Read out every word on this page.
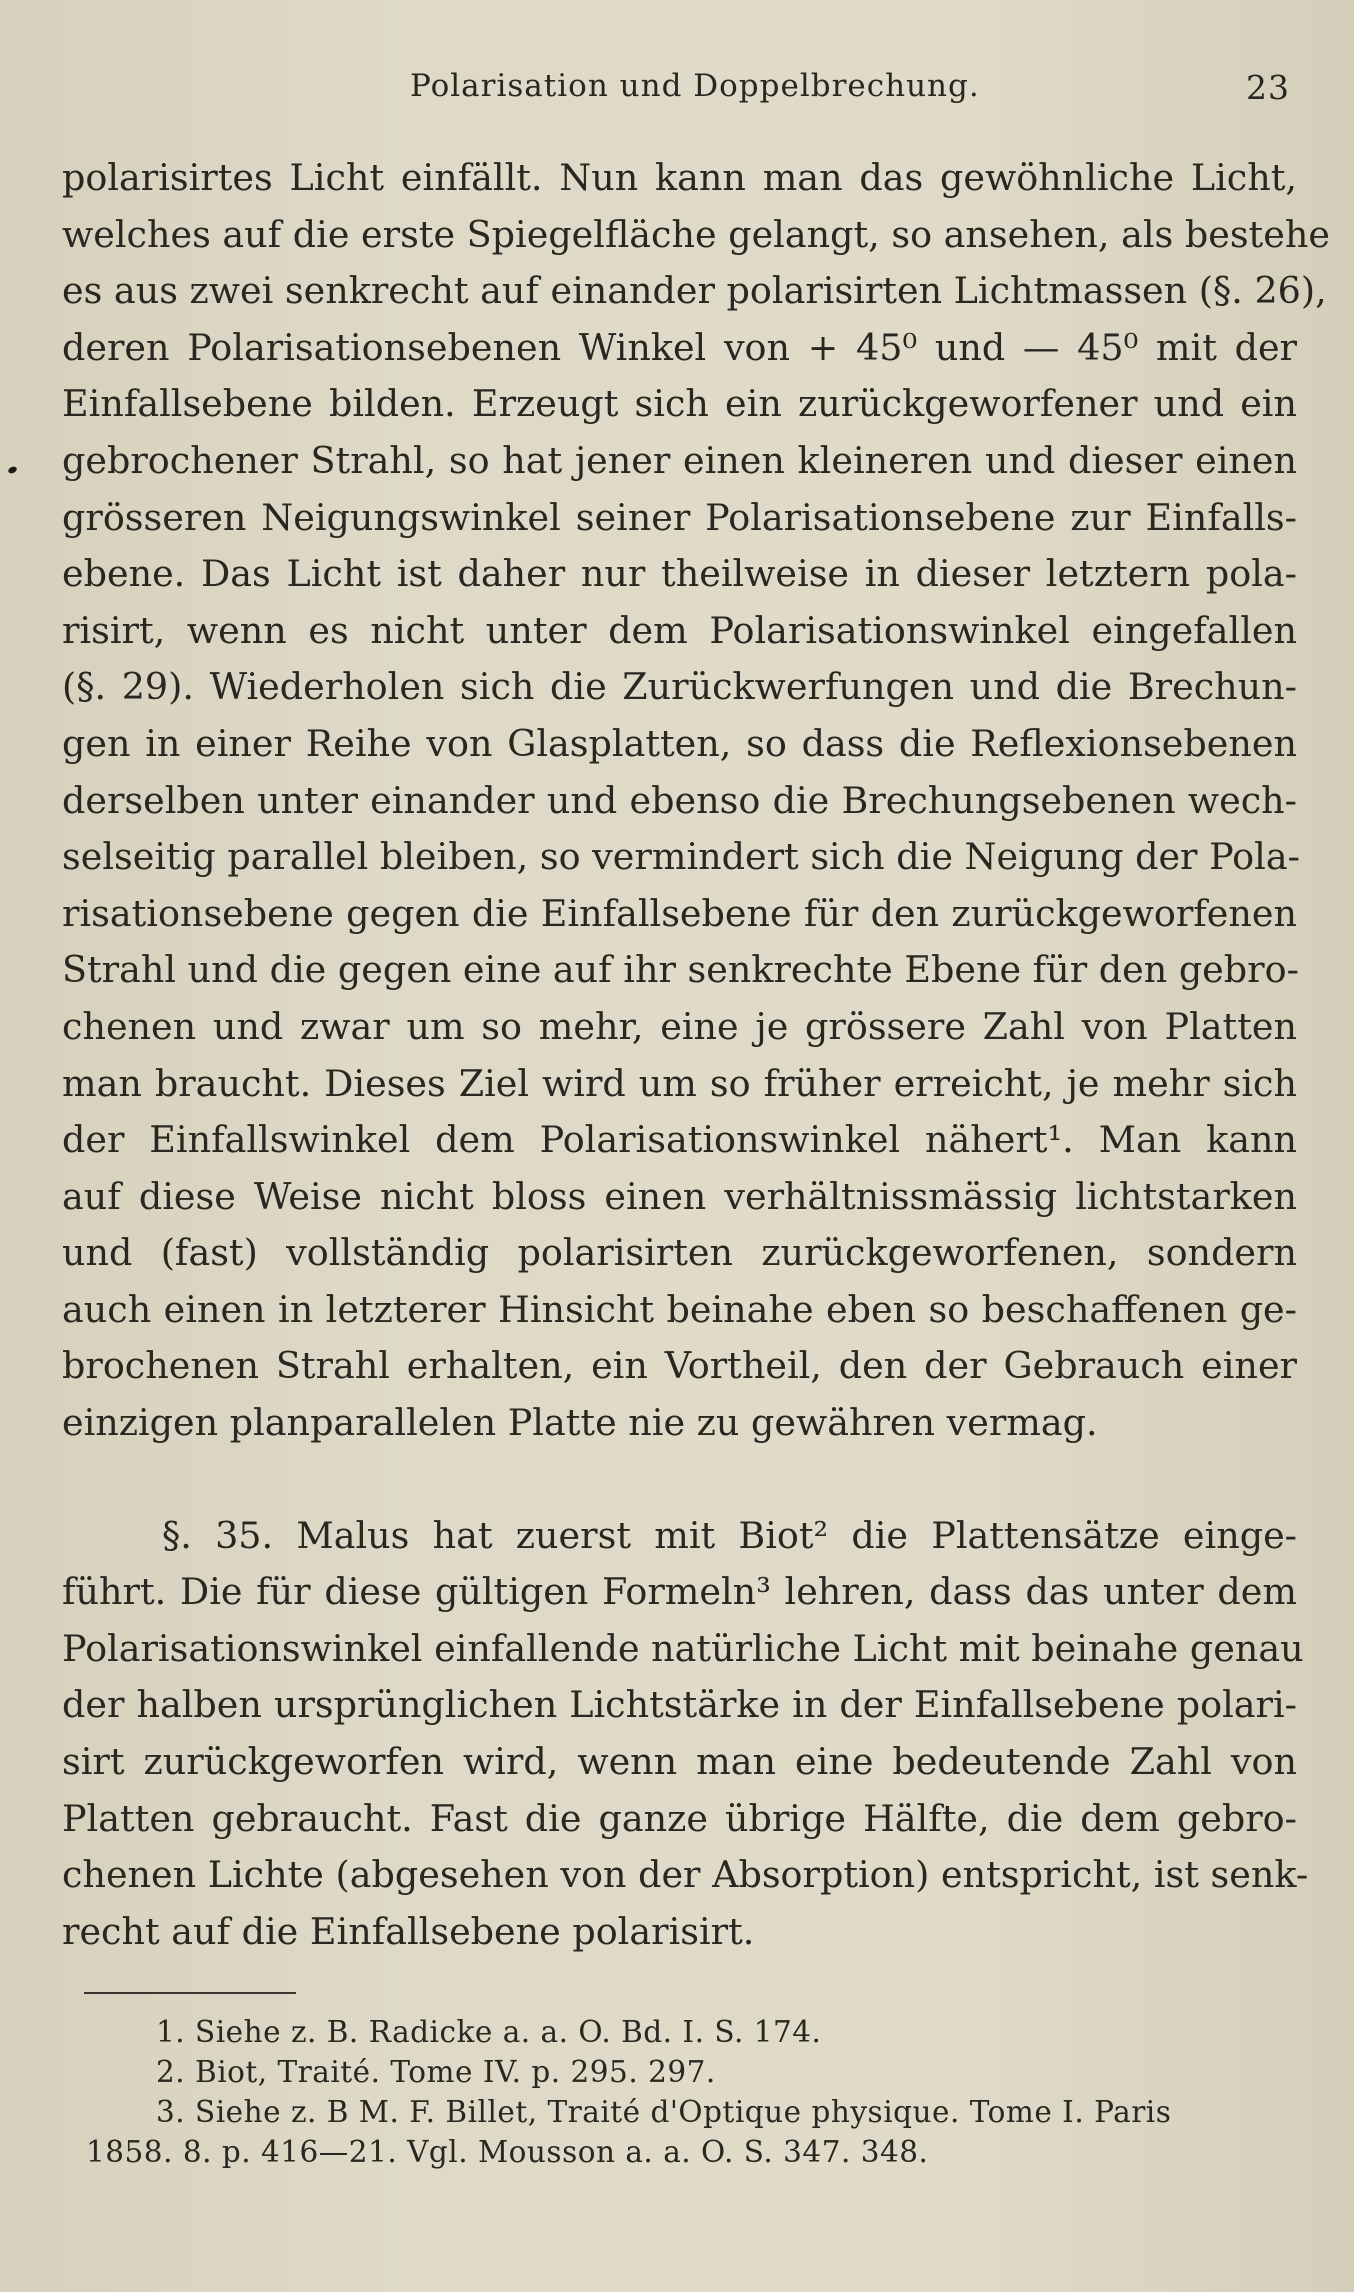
Polarisation und Doppelbrechung.	23
polarisirtes Licht einfällt. Nun kann man das gewöhnliche Licht,
welches auf die erste Spiegelfläche gelangt, so ansehen, als bestehe
es aus zwei senkrecht auf einander polarisirten Lichtmassen (§. 26),
deren Polarisationsebenen Winkel von + 45⁰ und — 45⁰ mit der
Einfallsebene bilden. Erzeugt sich ein zurückgeworfener und ein
gebrochener Strahl, so hat jener einen kleineren und dieser einen
grösseren Neigungswinkel seiner Polarisationsebene zur Einfalls-
ebene. Das Licht ist daher nur theilweise in dieser letztern pola-
risirt, wenn es nicht unter dem Polarisationswinkel eingefallen
(§. 29). Wiederholen sich die Zurückwerfungen und die Brechun-
gen in einer Reihe von Glasplatten, so dass die Reflexionsebenen
derselben unter einander und ebenso die Brechungsebenen wech-
selseitig parallel bleiben, so vermindert sich die Neigung der Pola-
risationsebene gegen die Einfallsebene für den zurückgeworfenen
Strahl und die gegen eine auf ihr senkrechte Ebene für den gebro-
chenen und zwar um so mehr, eine je grössere Zahl von Platten
man braucht. Dieses Ziel wird um so früher erreicht, je mehr sich
der Einfallswinkel dem Polarisationswinkel nähert¹. Man kann
auf diese Weise nicht bloss einen verhältnissmässig lichtstarken
und (fast) vollständig polarisirten zurückgeworfenen, sondern
auch einen in letzterer Hinsicht beinahe eben so beschaffenen ge-
brochenen Strahl erhalten, ein Vortheil, den der Gebrauch einer
einzigen planparallelen Platte nie zu gewähren vermag.
§. 35. Malus hat zuerst mit Biot² die Plattensätze einge-
führt. Die für diese gültigen Formeln³ lehren, dass das unter dem
Polarisationswinkel einfallende natürliche Licht mit beinahe genau
der halben ursprünglichen Lichtstärke in der Einfallsebene polari-
sirt zurückgeworfen wird, wenn man eine bedeutende Zahl von
Platten gebraucht. Fast die ganze übrige Hälfte, die dem gebro-
chenen Lichte (abgesehen von der Absorption) entspricht, ist senk-
recht auf die Einfallsebene polarisirt.
1. Siehe z. B. Radicke a. a. O. Bd. I. S. 174.
2. Biot, Traité. Tome IV. p. 295. 297.
3. Siehe z. B M. F. Billet, Traité d'Optique physique. Tome I. Paris
1858. 8. p. 416—21. Vgl. Mousson a. a. O. S. 347. 348.
